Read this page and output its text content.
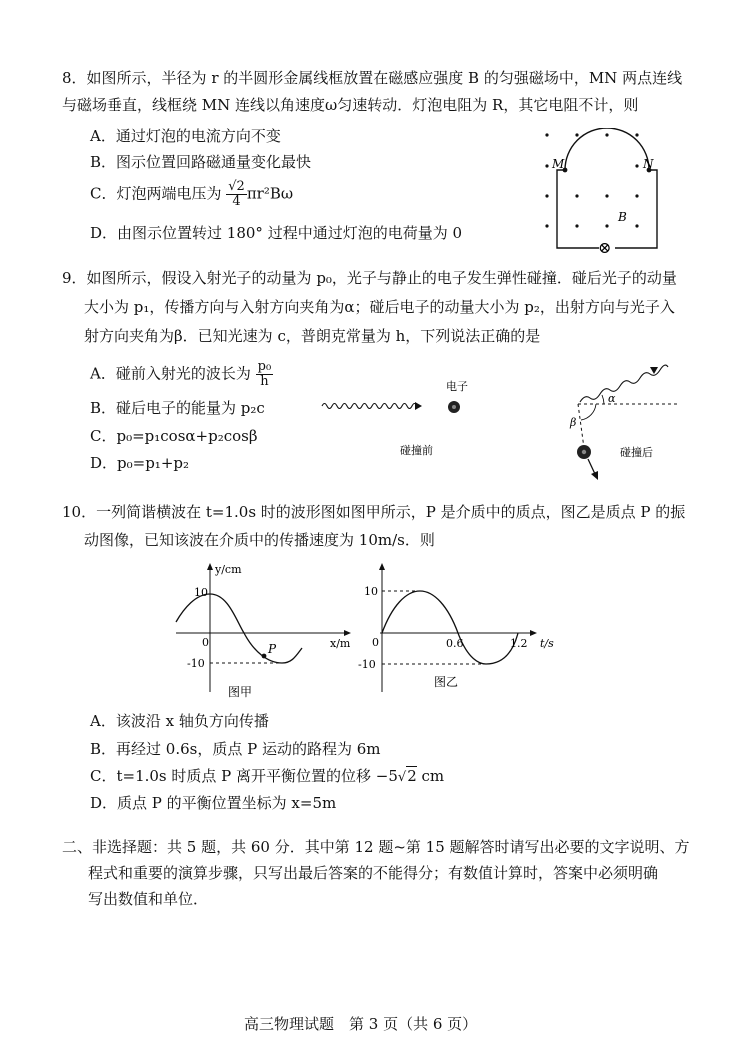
8．如图所示，半径为 r 的半圆形金属线框放置在磁感应强度 B 的匀强磁场中，MN 两点连线
与磁场垂直，线框绕 MN 连线以角速度ω匀速转动．灯泡电阻为 R，其它电阻不计，则
A．通过灯泡的电流方向不变
B．图示位置回路磁通量变化最快
C．灯泡两端电压为 $\frac{√2}{4} \pi r^2B\omega$
D．由图示位置转过 180° 过程中通过灯泡的电荷量为 0
M	N
B
⊗
9．如图所示，假设入射光子的动量为 p₀，光子与静止的电子发生弹性碰撞．碰后光子的动量
大小为 p₁，传播方向与入射方向夹角为α；碰后电子的动量大小为 p₂，出射方向与光子入
射方向夹角为β．已知光速为 c，普朗克常量为 h，下列说法正确的是
A．碰前入射光的波长为 $\frac{\text{p₀}}{h}$
B．碰后电子的能量为 p₂c
C．p₀=p₁cosα+p₂cosβ
D．p₀=p₁+p₂
电子
碰撞前
α
β
碰撞后
10．一列简谐横波在 t=1.0s 时的波形图如图甲所示，P 是介质中的质点，图乙是质点 P 的振
动图像，已知该波在介质中的传播速度为 10m/s．则
P
y/cm
x/m
10
-10
0
图甲
10
-10
0	0.6	1.2 t/s
图乙
A．该波沿 x 轴负方向传播
B．再经过 0.6s，质点 P 运动的路程为 6m
C．t=1.0s 时质点 P 离开平衡位置的位移 −5√2 cm
D．质点 P 的平衡位置坐标为 x=5m
二、非选择题：共 5 题，共 60 分．其中第 12 题~第 15 题解答时请写出必要的文字说明、方
程式和重要的演算步骤，只写出最后答案的不能得分；有数值计算时，答案中必须明确
写出数值和单位．
高三物理试题　第 3 页（共 6 页）
